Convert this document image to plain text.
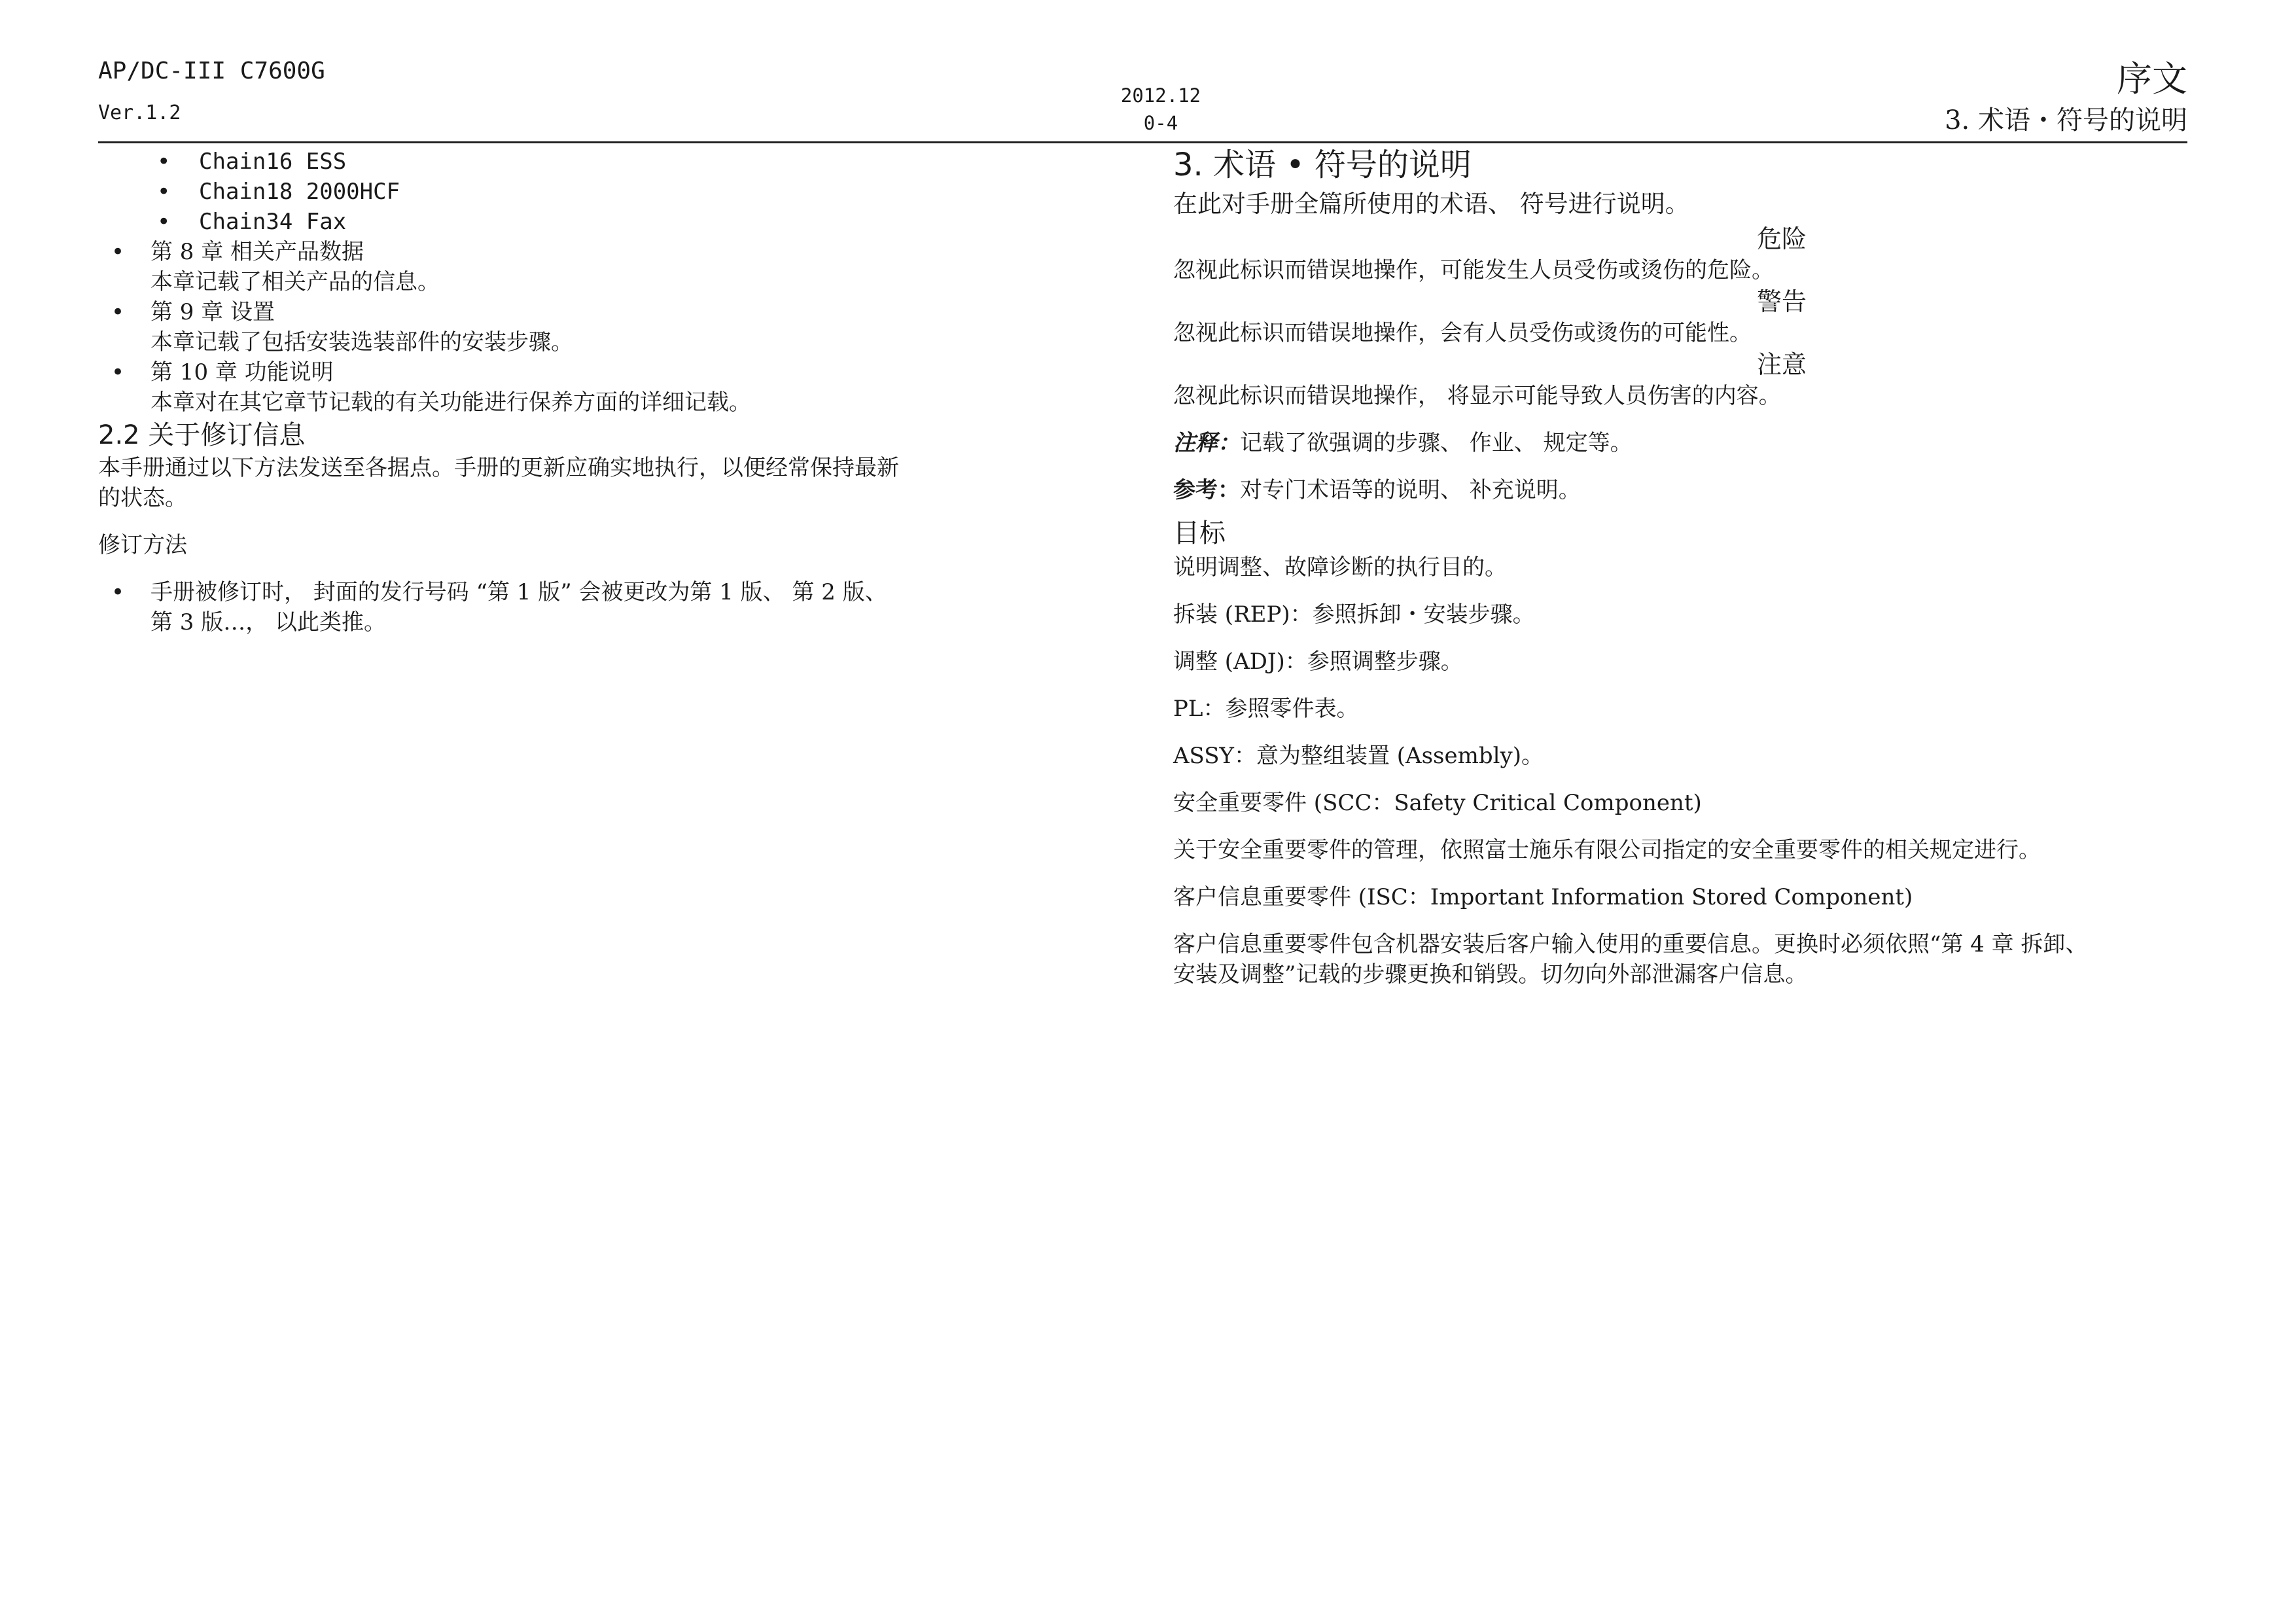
AP/DC-III C7600G
Ver.1.2
2012.12
0-4
序文
3. 术语・符号的说明
• Chain16 ESS
• Chain18 2000HCF
• Chain34 Fax
• 第 8 章 相关产品数据
本章记载了相关产品的信息。
• 第 9 章 设置
本章记载了包括安装选装部件的安装步骤。
• 第 10 章 功能说明
本章对在其它章节记载的有关功能进行保养方面的详细记载。
2.2 关于修订信息
本手册通过以下方法发送至各据点。手册的更新应确实地执行，以便经常保持最新
的状态。
修订方法
• 手册被修订时， 封面的发行号码 “第 1 版” 会被更改为第 1 版、 第 2 版、
第 3 版…， 以此类推。
3. 术语 • 符号的说明
在此对手册全篇所使用的术语、 符号进行说明。
危险
忽视此标识而错误地操作，可能发生人员受伤或烫伤的危险。
警告
忽视此标识而错误地操作，会有人员受伤或烫伤的可能性。
注意
忽视此标识而错误地操作， 将显示可能导致人员伤害的内容。
注释：记载了欲强调的步骤、 作业、 规定等。
参考：对专门术语等的说明、 补充说明。
目标
说明调整、故障诊断的执行目的。
拆装 (REP)：参照拆卸・安装步骤。
调整 (ADJ)：参照调整步骤。
PL：参照零件表。
ASSY：意为整组装置 (Assembly)。
安全重要零件 (SCC：Safety Critical Component)
关于安全重要零件的管理，依照富士施乐有限公司指定的安全重要零件的相关规定进行。
客户信息重要零件 (ISC：Important Information Stored Component)
客户信息重要零件包含机器安装后客户输入使用的重要信息。更换时必须依照“第 4 章 拆卸、
安装及调整”记载的步骤更换和销毁。切勿向外部泄漏客户信息。
